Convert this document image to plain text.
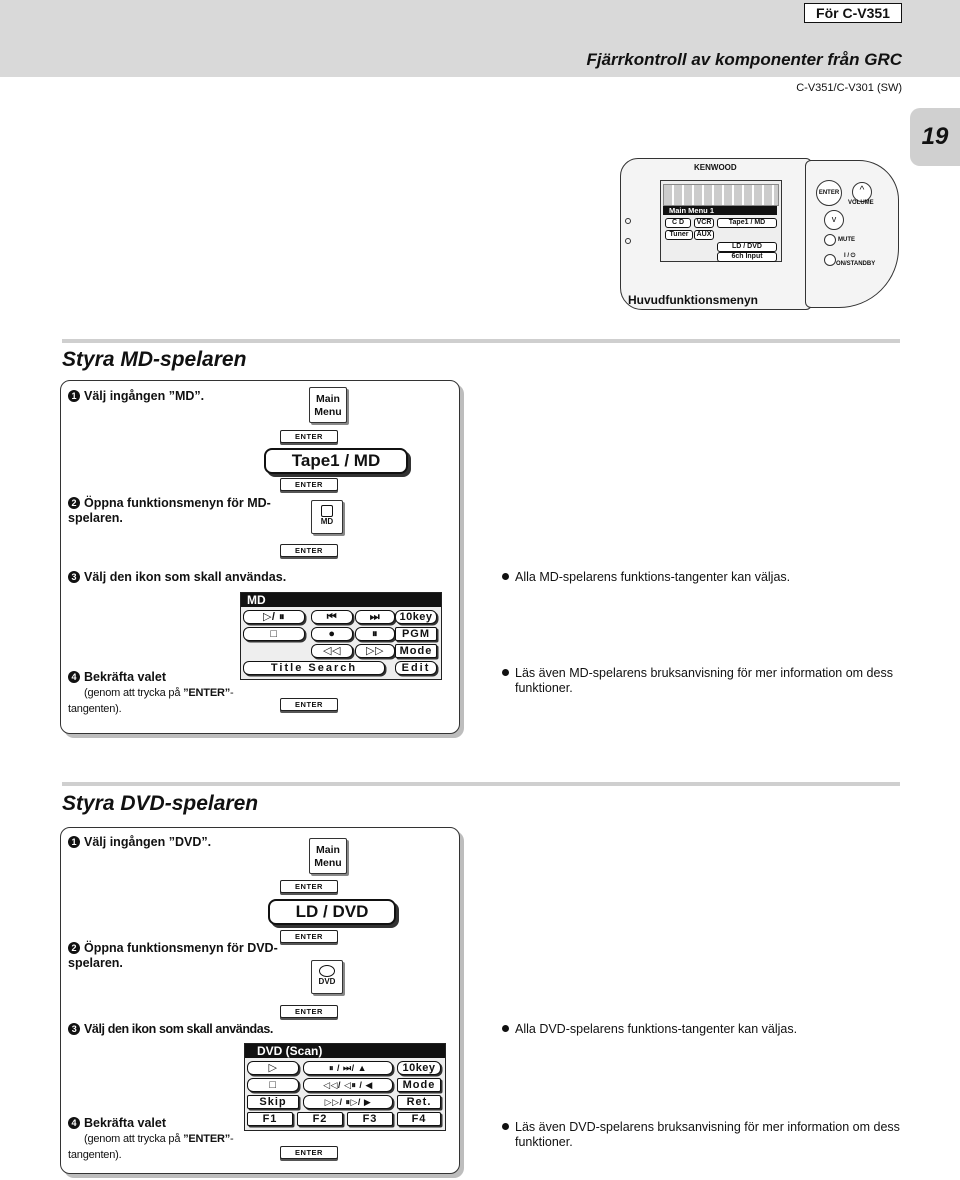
För C-V351
Fjärrkontroll av komponenter från GRC
C-V351/C-V301 (SW)
19
KENWOOD
Main Menu 1
C D	VCR	Tape1 / MD
Tuner	AUX
LD / DVD
6ch Input
ENTER	^
VOLUME
v
MUTE
I / ⏻
ON/STANDBY
Huvudfunktionsmenyn
Styra MD-spelaren
1 Välj ingången ”MD”.	Main Menu
ENTER
Tape1 / MD
ENTER
2 Öppna funktionsmenyn för MD-spelaren.	MD
ENTER
3 Välj den ikon som skall användas.
MD
▷/ ⏸	⏮	⏭	10key
□	●	⏸	PGM
◁◁	▷▷	Mode
Title Search	Edit
4 Bekräfta valet
(genom att trycka på ”ENTER”-tangenten).	ENTER
Alla MD-spelarens funktions-tangenter kan väljas.
Läs även MD-spelarens bruksanvisning för mer information om dess funktioner.
Styra DVD-spelaren
1 Välj ingången ”DVD”.
Main Menu
ENTER
LD / DVD
ENTER
2 Öppna funktionsmenyn för DVD-spelaren.
DVD
ENTER
3 Välj den ikon som skall användas.
DVD (Scan)
▷	⏸ / ⏭/ ▲	10key
□	◁◁/ ◁⏸ / ◀	Mode
Skip	▷▷/ ⏸▷/ ▶	Ret.
F1	F2	F3	F4
4 Bekräfta valet
(genom att trycka på ”ENTER”-tangenten).	ENTER
Alla DVD-spelarens funktions-tangenter kan väljas.
Läs även DVD-spelarens bruksanvisning för mer information om dess funktioner.
